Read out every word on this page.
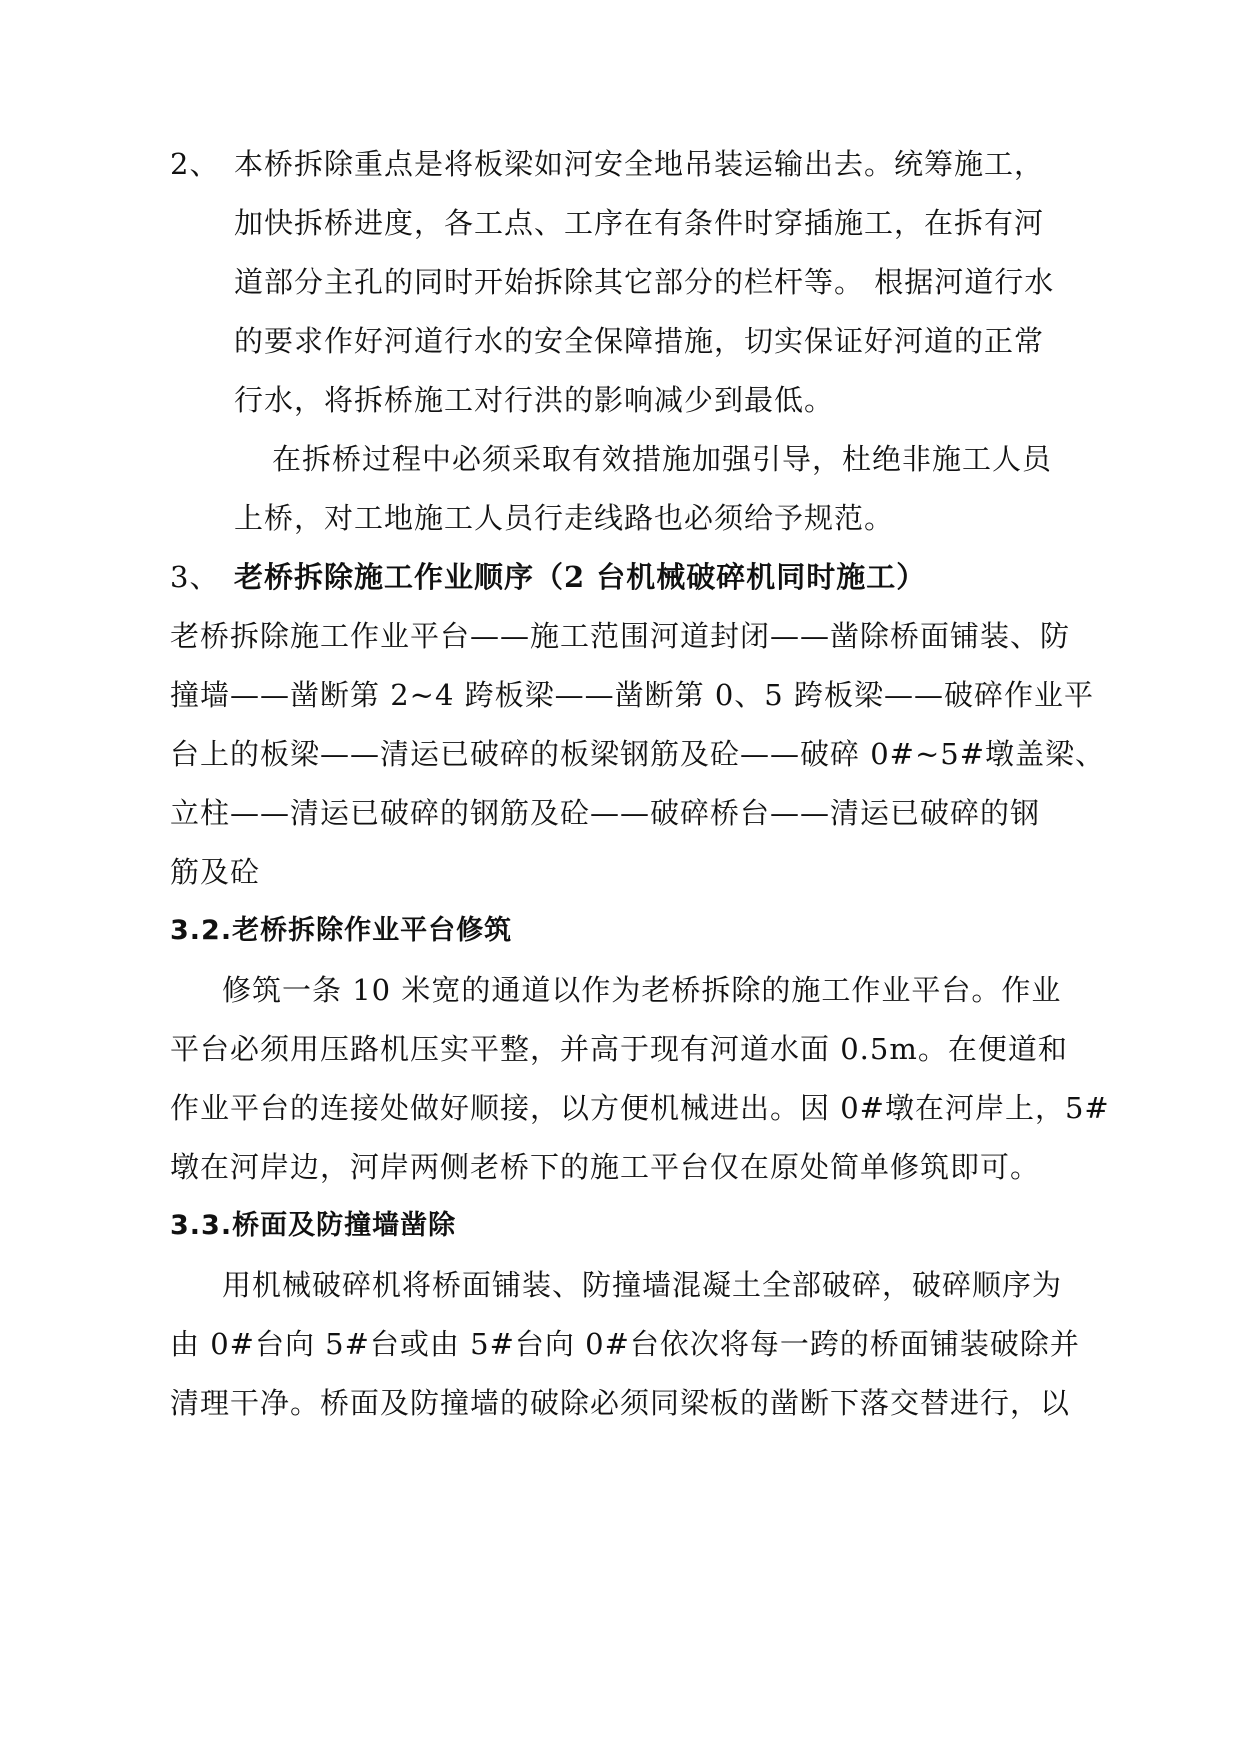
2、 本桥拆除重点是将板梁如河安全地吊装运输出去。统筹施工，
加快拆桥进度，各工点、工序在有条件时穿插施工，在拆有河
道部分主孔的同时开始拆除其它部分的栏杆等。 根据河道行水
的要求作好河道行水的安全保障措施，切实保证好河道的正常
行水，将拆桥施工对行洪的影响减少到最低。
在拆桥过程中必须采取有效措施加强引导，杜绝非施工人员
上桥，对工地施工人员行走线路也必须给予规范。
3、 老桥拆除施工作业顺序（2 台机械破碎机同时施工）
老桥拆除施工作业平台——施工范围河道封闭——凿除桥面铺装、防
撞墙——凿断第 2~4 跨板梁——凿断第 0、5 跨板梁——破碎作业平
台上的板梁——清运已破碎的板梁钢筋及砼——破碎 0#~5#墩盖梁、
立柱——清运已破碎的钢筋及砼——破碎桥台——清运已破碎的钢
筋及砼
3.2.老桥拆除作业平台修筑
修筑一条 10 米宽的通道以作为老桥拆除的施工作业平台。作业
平台必须用压路机压实平整，并高于现有河道水面 0.5m。在便道和
作业平台的连接处做好顺接，以方便机械进出。因 0#墩在河岸上，5#
墩在河岸边，河岸两侧老桥下的施工平台仅在原处简单修筑即可。
3.3.桥面及防撞墙凿除
用机械破碎机将桥面铺装、防撞墙混凝土全部破碎，破碎顺序为
由 0#台向 5#台或由 5#台向 0#台依次将每一跨的桥面铺装破除并
清理干净。桥面及防撞墙的破除必须同梁板的凿断下落交替进行，以
